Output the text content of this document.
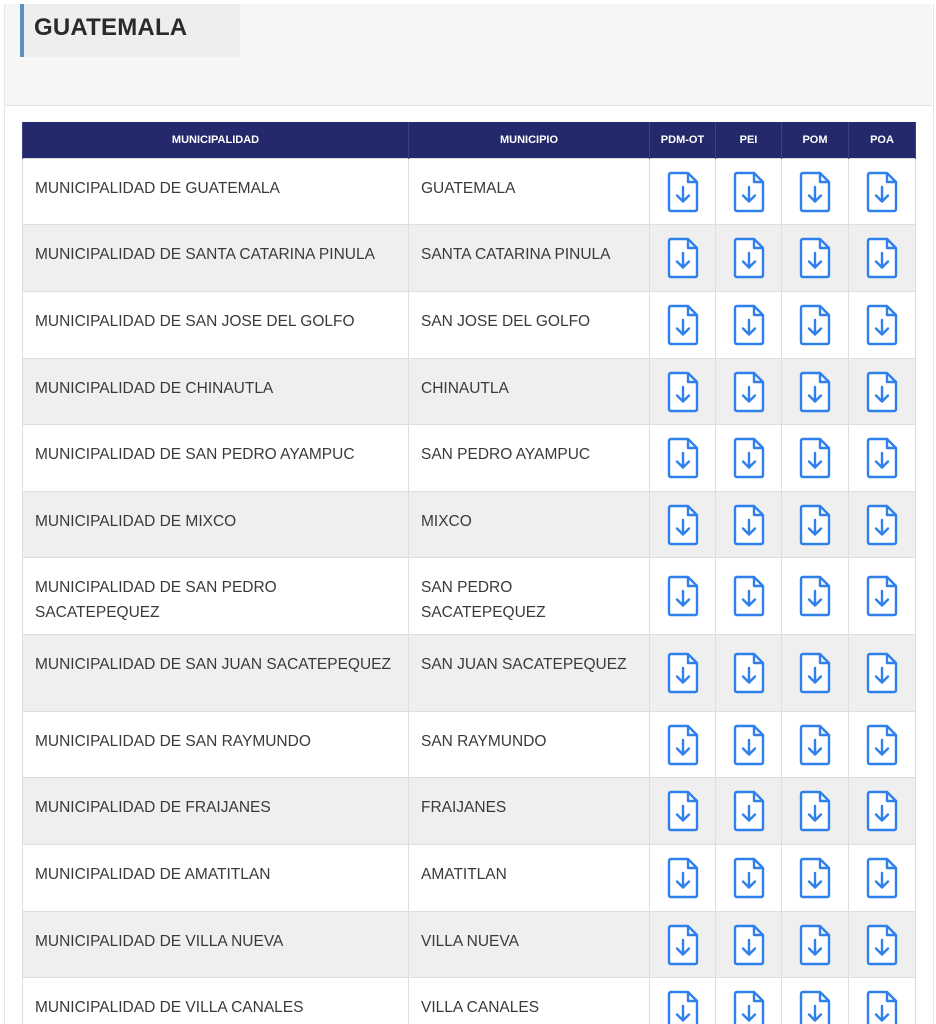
GUATEMALA
MUNICIPALIDAD	MUNICIPIO	PDM-OT	PEI	POM	POA
MUNICIPALIDAD DE GUATEMALA	GUATEMALA	

MUNICIPALIDAD DE SANTA CATARINA PINULA	SANTA CATARINA PINULA	

MUNICIPALIDAD DE SAN JOSE DEL GOLFO	SAN JOSE DEL GOLFO	

MUNICIPALIDAD DE CHINAUTLA	CHINAUTLA	

MUNICIPALIDAD DE SAN PEDRO AYAMPUC	SAN PEDRO AYAMPUC	

MUNICIPALIDAD DE MIXCO	MIXCO	

MUNICIPALIDAD DE SAN PEDRO SACATEPEQUEZ	SAN PEDRO SACATEPEQUEZ	

MUNICIPALIDAD DE SAN JUAN SACATEPEQUEZ	SAN JUAN SACATEPEQUEZ	

MUNICIPALIDAD DE SAN RAYMUNDO	SAN RAYMUNDO	

MUNICIPALIDAD DE FRAIJANES	FRAIJANES	

MUNICIPALIDAD DE AMATITLAN	AMATITLAN	

MUNICIPALIDAD DE VILLA NUEVA	VILLA NUEVA	

MUNICIPALIDAD DE VILLA CANALES	VILLA CANALES	
